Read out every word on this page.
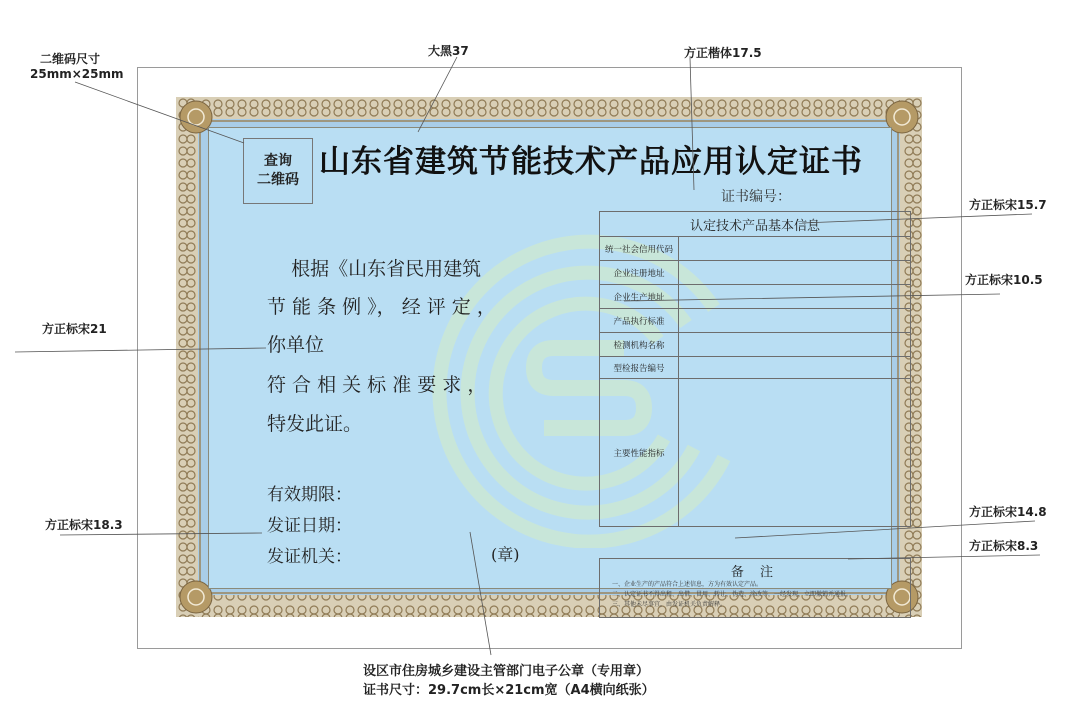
二维码尺寸
25mm×25mm
大黑37	方正楷体17.5
方正标宋15.7
方正标宋10.5
方正标宋21
方正标宋18.3
方正标宋14.8
方正标宋8.3
设区市住房城乡建设主管部门电子公章（专用章）
证书尺寸：29.7cm长×21cm宽（A4横向纸张）
查询
二维码 山东省建筑节能技术产品应用认定证书
证书编号：
根据《山东省民用建筑
节 能 条 例 》， 经 评 定 ，
你单位
符 合 相 关 标 准 要 求 ，
特发此证。
有效期限：
发证日期：
发证机关：	(章)
认定技术产品基本信息	
统一社会信用代码	
企业注册地址	
企业生产地址	
产品执行标准	
检测机构名称	
型检报告编号	
主要性能指标	
备 注
一、企业生产的产品符合上述信息，方为有效认定产品。
二、认定证书不得出租、出借、冒用、转让、伪造、涂改等，一经发现，立即撤销并通报。
三、其他未尽事宜，由发证机关负责解释。
